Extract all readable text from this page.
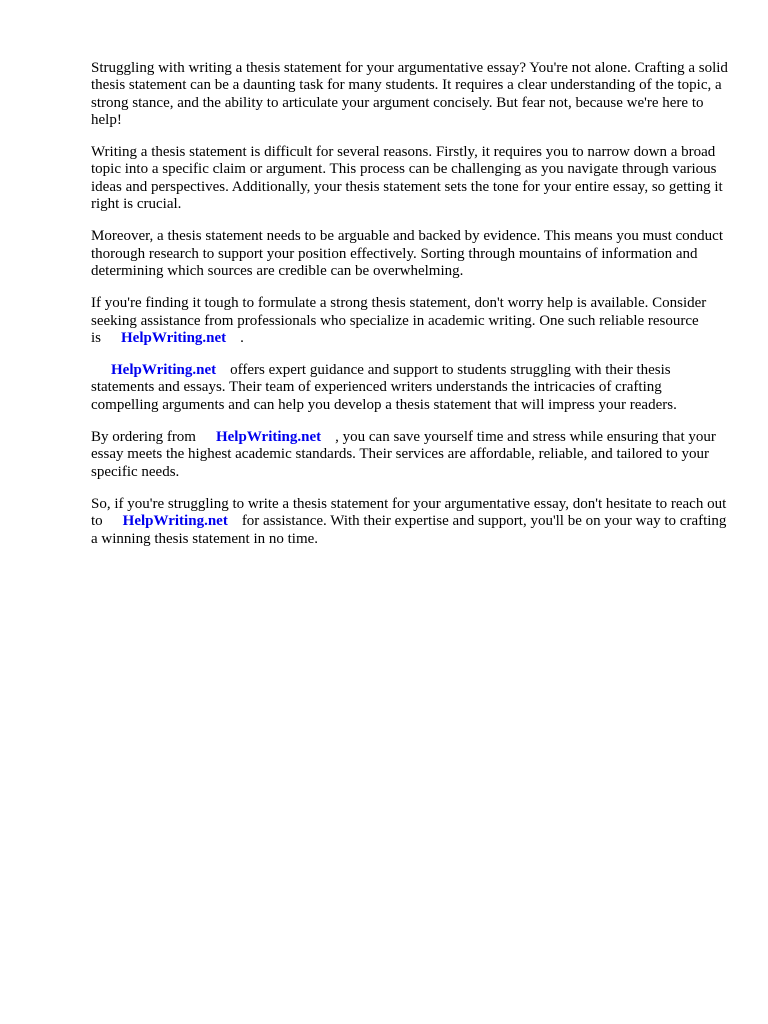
Struggling with writing a thesis statement for your argumentative essay? You're not alone. Crafting a solid thesis statement can be a daunting task for many students. It requires a clear understanding of the topic, a strong stance, and the ability to articulate your argument concisely. But fear not, because we're here to help!

Writing a thesis statement is difficult for several reasons. Firstly, it requires you to narrow down a broad topic into a specific claim or argument. This process can be challenging as you navigate through various ideas and perspectives. Additionally, your thesis statement sets the tone for your entire essay, so getting it right is crucial.

Moreover, a thesis statement needs to be arguable and backed by evidence. This means you must conduct thorough research to support your position effectively. Sorting through mountains of information and determining which sources are credible can be overwhelming.

If you're finding it tough to formulate a strong thesis statement, don't worry help is available. Consider seeking assistance from professionals who specialize in academic writing. One such reliable resource is HelpWriting.net .

HelpWriting.net offers expert guidance and support to students struggling with their thesis statements and essays. Their team of experienced writers understands the intricacies of crafting compelling arguments and can help you develop a thesis statement that will impress your readers.

By ordering from HelpWriting.net , you can save yourself time and stress while ensuring that your essay meets the highest academic standards. Their services are affordable, reliable, and tailored to your specific needs.

So, if you're struggling to write a thesis statement for your argumentative essay, don't hesitate to reach out to HelpWriting.net for assistance. With their expertise and support, you'll be on your way to crafting a winning thesis statement in no time.
